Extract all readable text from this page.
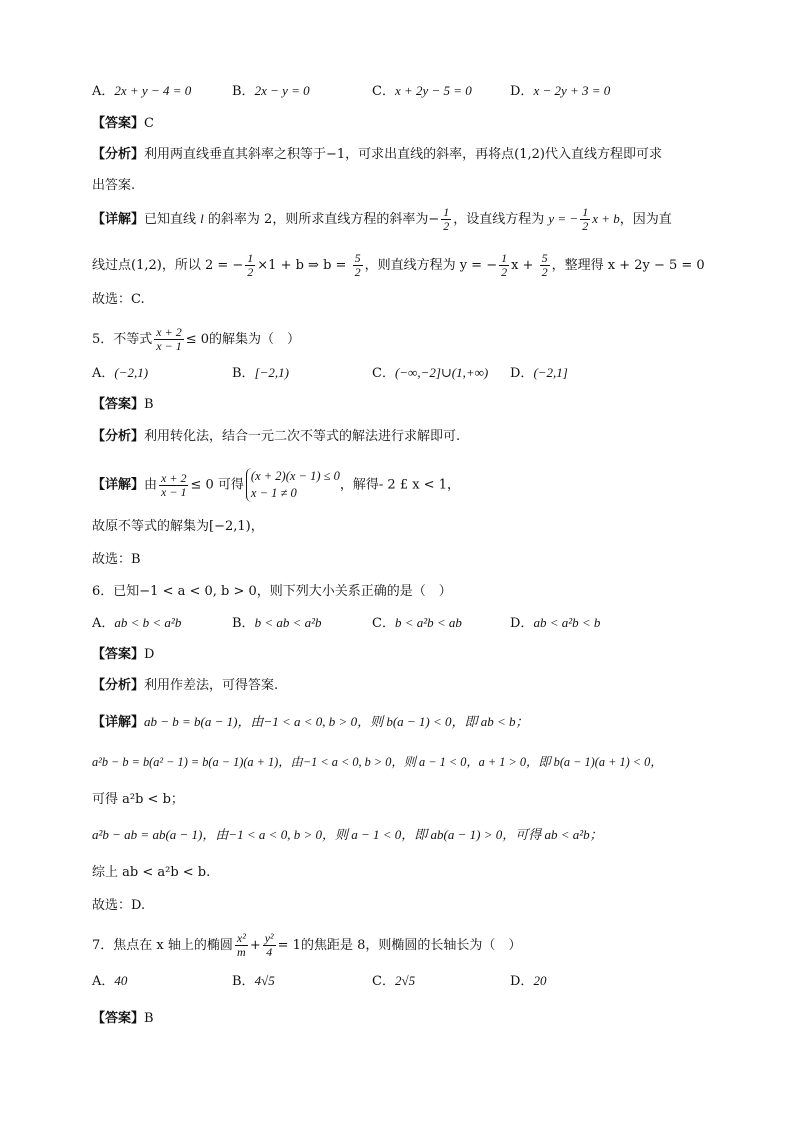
A．2x + y − 4 = 0	B．2x − y = 0	C．x + 2y − 5 = 0	D．x − 2y + 3 = 0
【答案】C
【分析】利用两直线垂直其斜率之积等于−1，可求出直线的斜率，再将点(1,2)代入直线方程即可求
出答案.
【详解】已知直线 l 的斜率为 2，则所求直线方程的斜率为− $\frac{1}{2}$ ，设直线方程为 y = − $\frac{1}{2}$ x + b，因为直
线过点(1,2)，所以 2 = − $\frac{1}{2} \times 1 + b$ ⇒ $b = \frac{5}{2}$ ，则直线方程为 y = − $\frac{1}{2}$ $x + \frac{5}{2}$ ，整理得 x + 2y − 5 = 0
故选：C.
5．不等式 $\frac{x + 2}{x - 1} \le 0$的解集为（　）
A．(−2,1)	B．[−2,1)	C．(−∞,−2]∪(1,+∞) D．(−2,1]
【答案】B
【分析】利用转化法，结合一元二次不等式的解法进行求解即可.
【详解】由 $\frac{x + 2}{x - 1} \le 0$ 可得
(x + 2)(x − 1) ≤ 0
x − 1 ≠ 0
，解得- 2 £ x < 1，
故原不等式的解集为[−2,1)，
故选：B
6．已知−1 < a < 0, b > 0，则下列大小关系正确的是（　）
A．ab < b < a²b	B．b < ab < a²b	C．b < a²b < ab	D．ab < a²b < b
【答案】D
【分析】利用作差法，可得答案.
【详解】ab − b = b(a − 1)，由−1 < a < 0, b > 0，则 b(a − 1) < 0，即 ab < b；
a²b − b = b(a² − 1) = b(a − 1)(a + 1)，由−1 < a < 0, b > 0，则 a − 1 < 0，a + 1 > 0，即 b(a − 1)(a + 1) < 0，
可得 a²b < b；
a²b − ab = ab(a − 1)，由−1 < a < 0, b > 0，则 a − 1 < 0，即 ab(a − 1) > 0，可得 ab < a²b；
综上 ab < a²b < b.
故选：D.
7．焦点在 x 轴上的椭圆 $\frac{\text{x²}}{m} + \frac{\text{y²}}{4} = 1$的焦距是 8，则椭圆的长轴长为（　）
A．40	B．4√5	C．2√5	D．20
【答案】B
